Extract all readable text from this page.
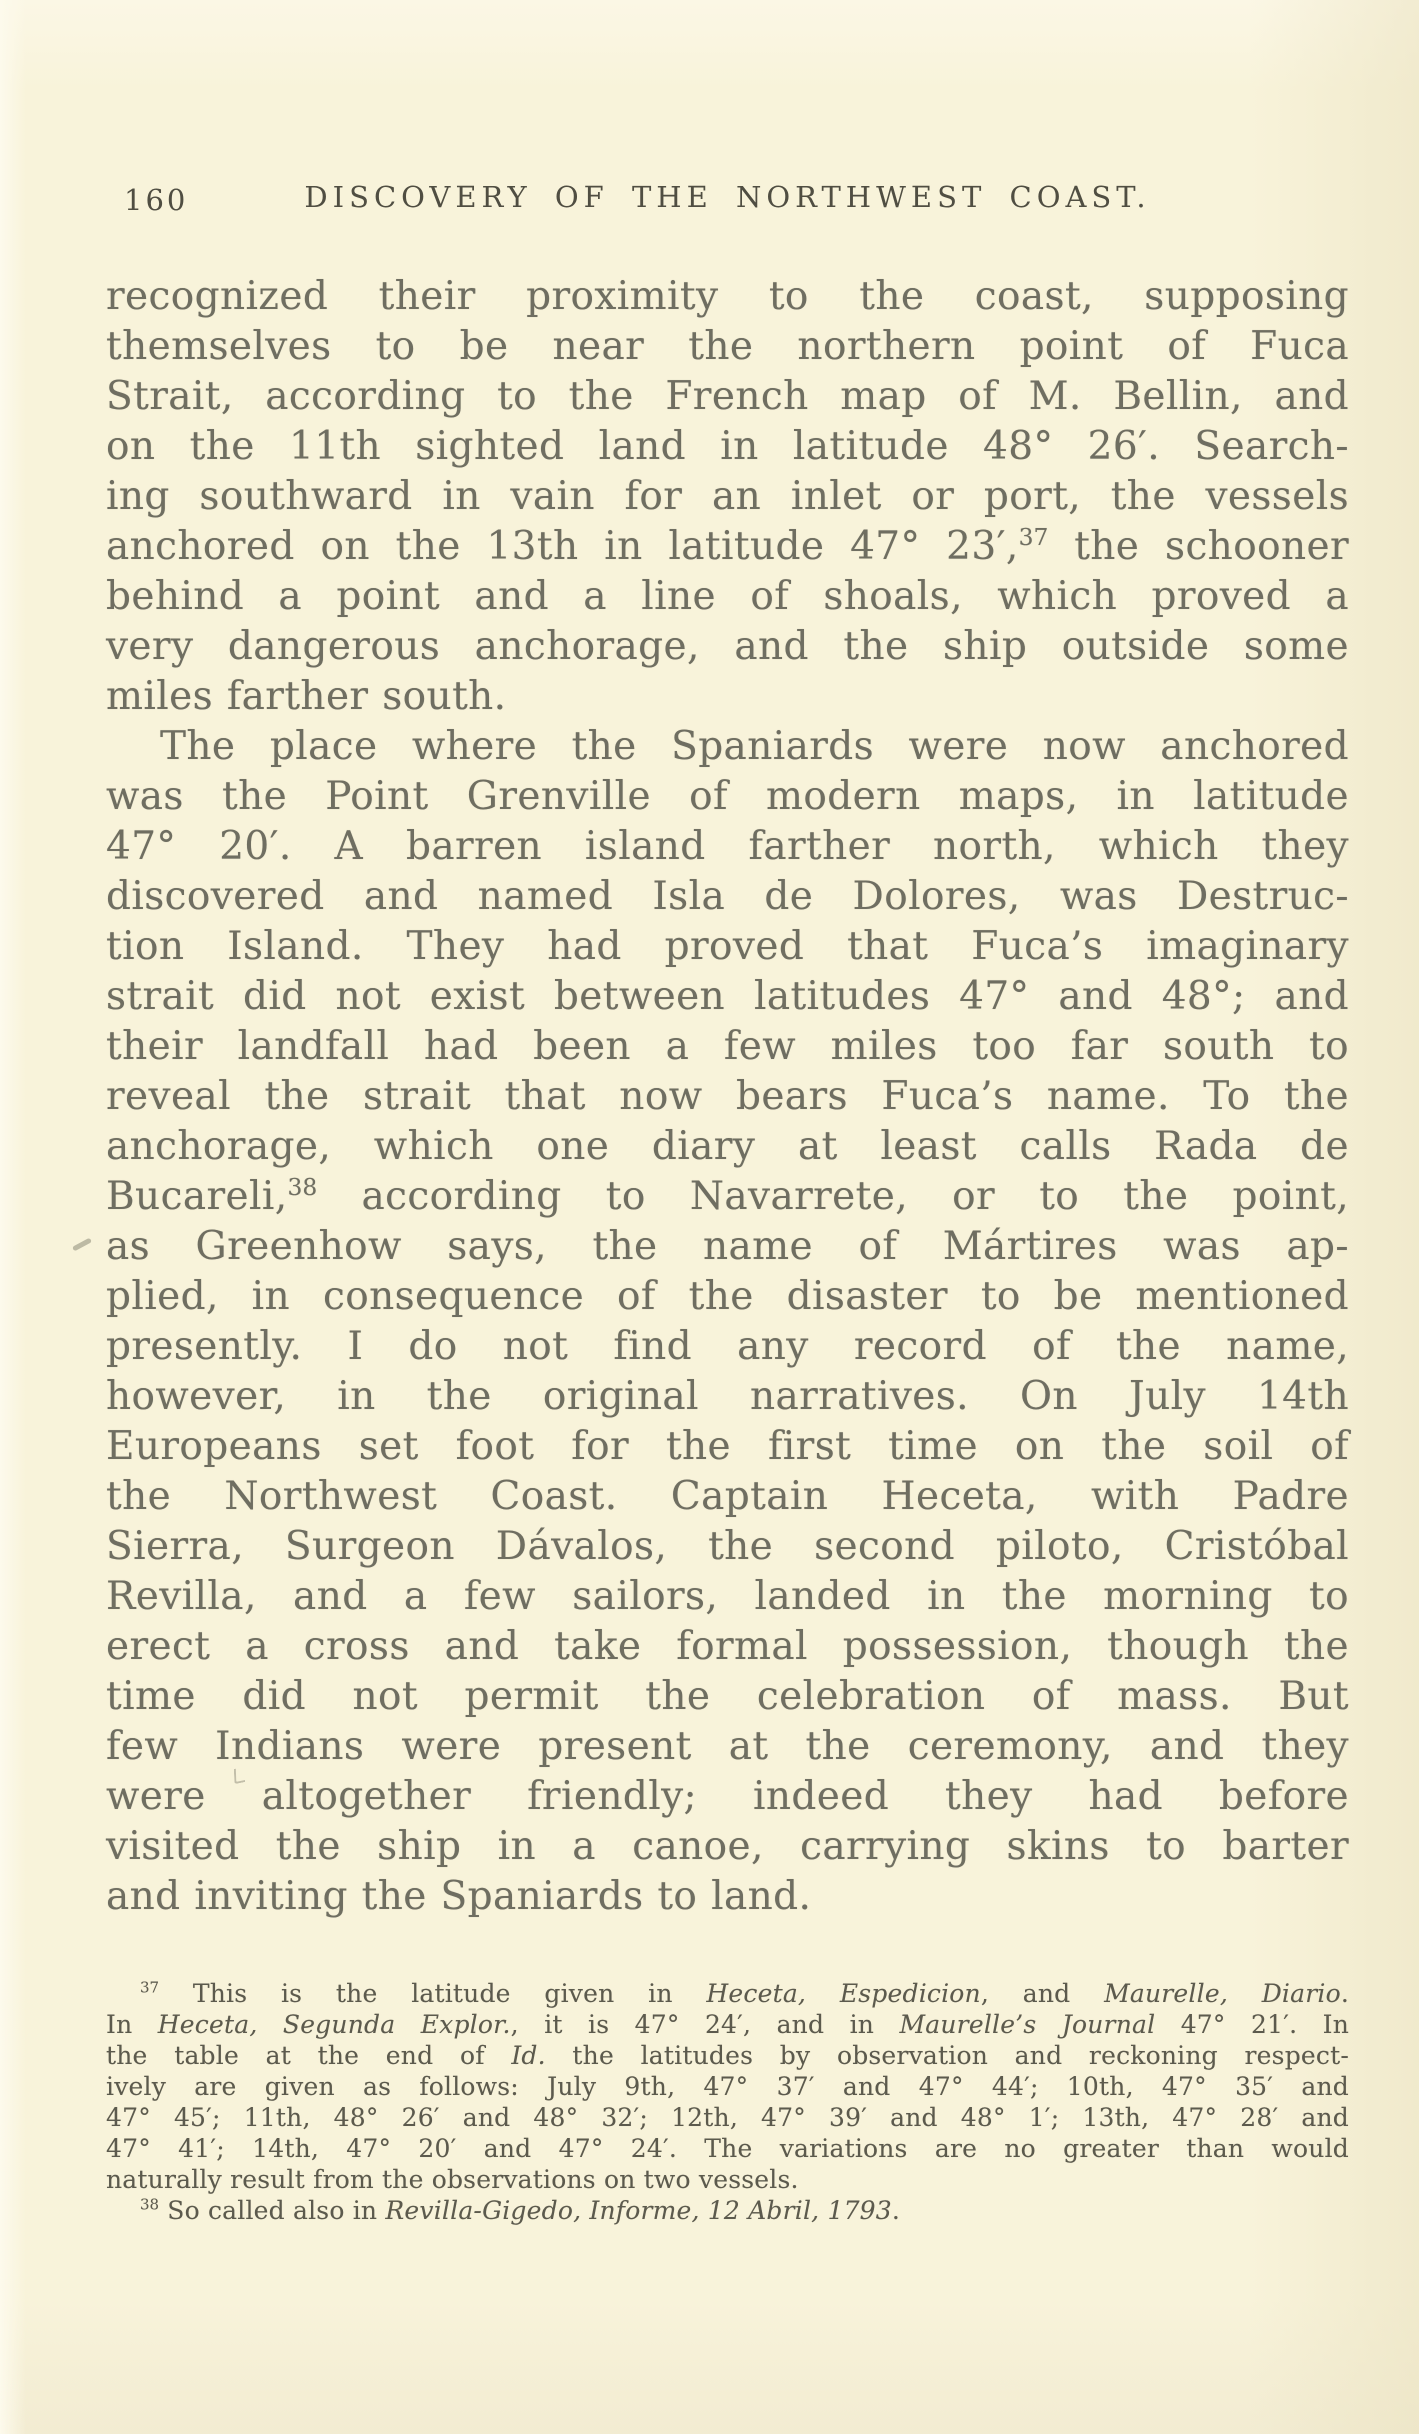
160	DISCOVERY OF THE NORTHWEST COAST.
recognized their proximity to the coast, supposing
themselves to be near the northern point of Fuca
Strait, according to the French map of M. Bellin, and
on the 11th sighted land in latitude 48° 26′. Search-
ing southward in vain for an inlet or port, the vessels
anchored on the 13th in latitude 47° 23′,$^{37}$ the schooner
behind a point and a line of shoals, which proved a
very dangerous anchorage, and the ship outside some
miles farther south.
The place where the Spaniards were now anchored
was the Point Grenville of modern maps, in latitude
47° 20′. A barren island farther north, which they
discovered and named Isla de Dolores, was Destruc-
tion Island. They had proved that Fuca’s imaginary
strait did not exist between latitudes 47° and 48°; and
their landfall had been a few miles too far south to
reveal the strait that now bears Fuca’s name. To the
anchorage, which one diary at least calls Rada de
Bucareli,$^{38}$ according to Navarrete, or to the point,
as Greenhow says, the name of Mártires was ap-
plied, in consequence of the disaster to be mentioned
presently. I do not find any record of the name,
however, in the original narratives. On July 14th
Europeans set foot for the first time on the soil of
the Northwest Coast. Captain Heceta, with Padre
Sierra, Surgeon Dávalos, the second piloto, Cristóbal
Revilla, and a few sailors, landed in the morning to
erect a cross and take formal possession, though the
time did not permit the celebration of mass. But
few Indians were present at the ceremony, and they
were altogether friendly; indeed they had before
visited the ship in a canoe, carrying skins to barter
and inviting the Spaniards to land.
$^{37}$ This is the latitude given in Heceta, Espedicion, and Maurelle, Diario.
In Heceta, Segunda Explor., it is 47° 24′, and in Maurelle’s Journal 47° 21′. In
the table at the end of Id. the latitudes by observation and reckoning respect-
ively are given as follows: July 9th, 47° 37′ and 47° 44′; 10th, 47° 35′ and
47° 45′; 11th, 48° 26′ and 48° 32′; 12th, 47° 39′ and 48° 1′; 13th, 47° 28′ and
47° 41′; 14th, 47° 20′ and 47° 24′. The variations are no greater than would
naturally result from the observations on two vessels.
$^{38}$ So called also in Revilla-Gigedo, Informe, 12 Abril, 1793.
